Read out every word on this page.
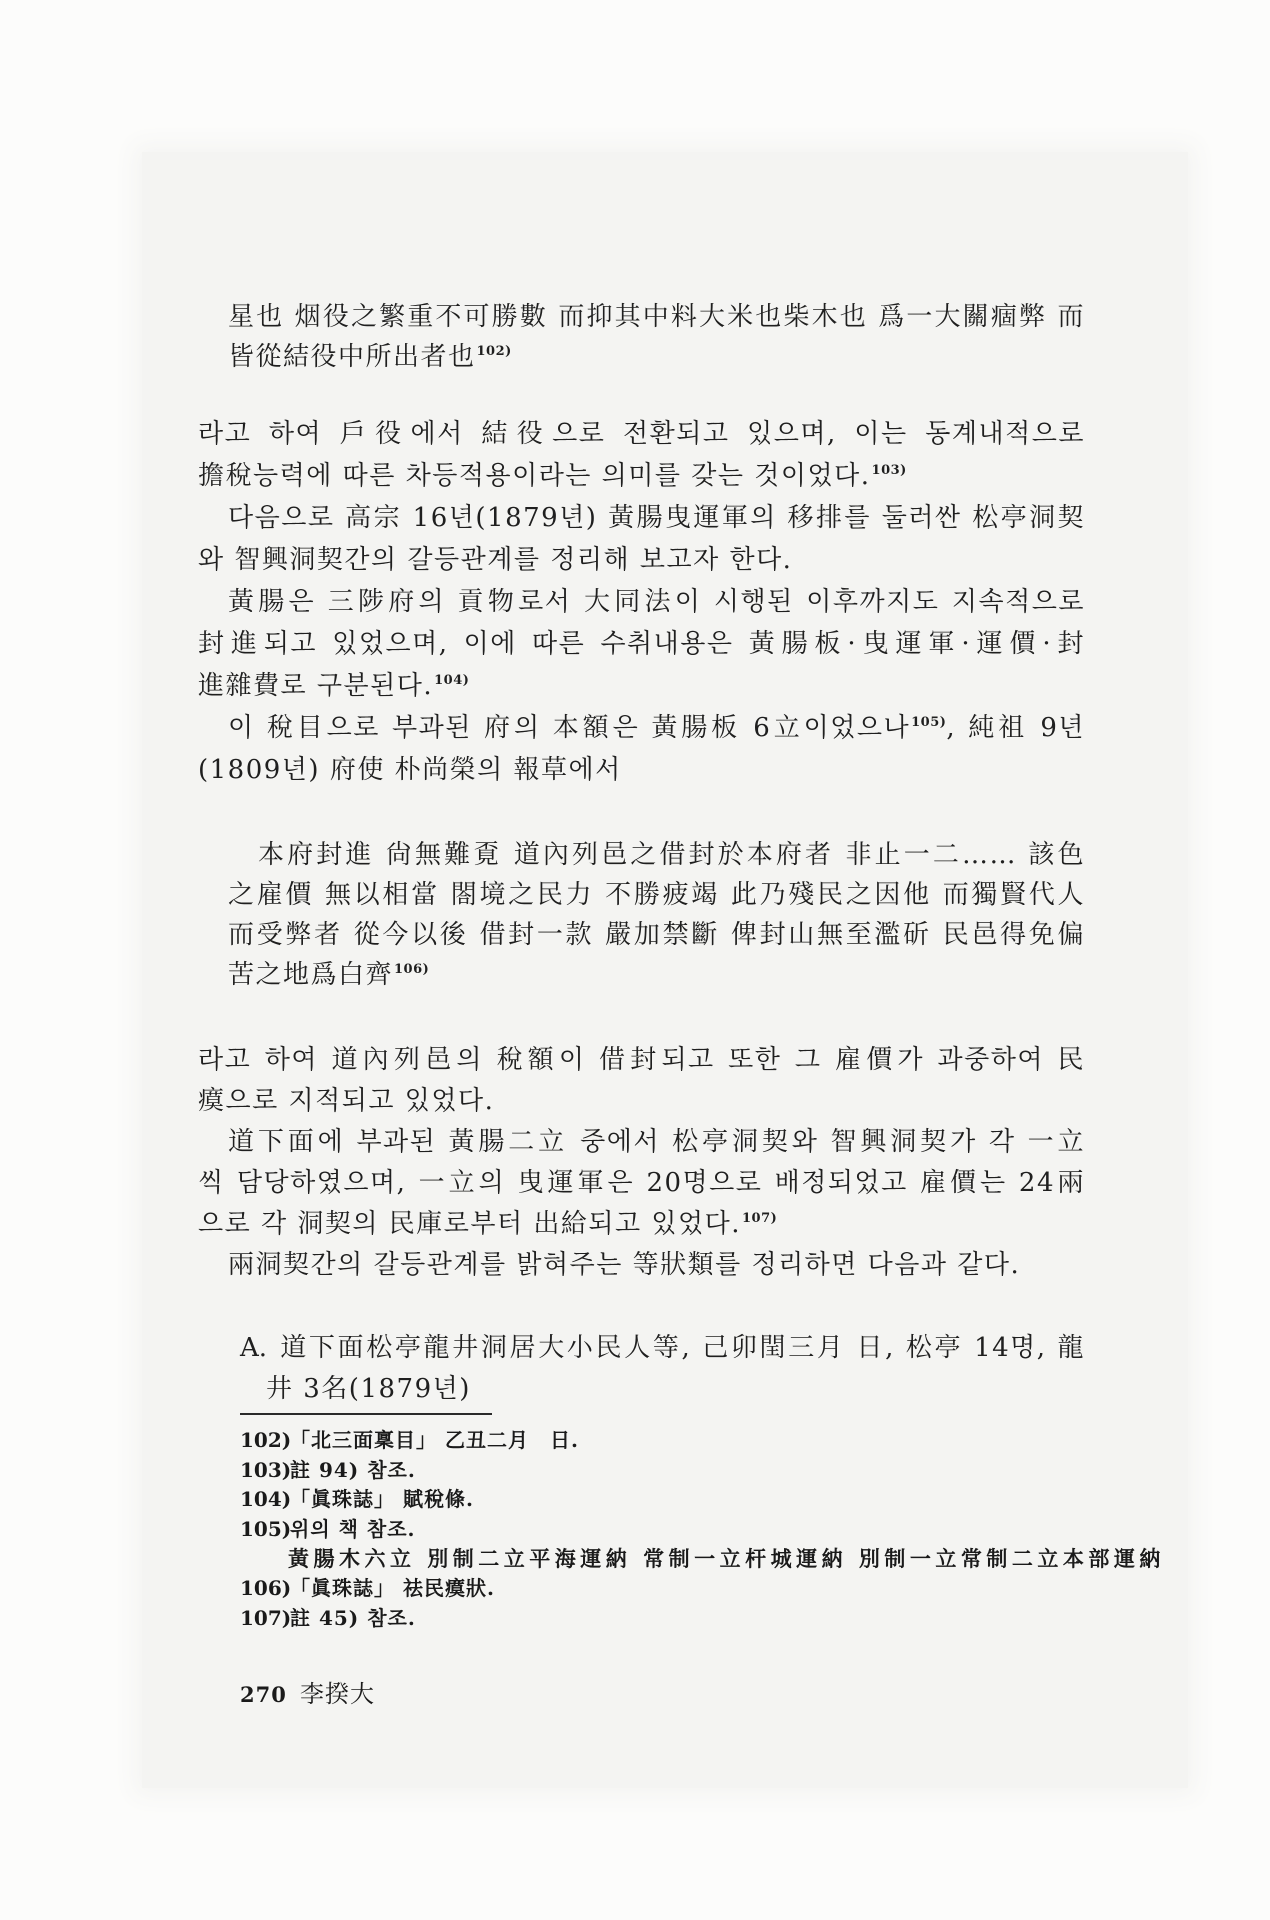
星也 烟役之繁重不可勝數 而抑其中料大米也柴木也 爲一大關痼弊 而
皆從結役中所出者也$^{102)}$
라고 하여 戶役에서 結役으로 전환되고 있으며, 이는 동계내적으로
擔稅능력에 따른 차등적용이라는 의미를 갖는 것이었다.$^{103)}$
다음으로 高宗 16년(1879년) 黃腸曳運軍의 移排를 둘러싼 松亭洞契
와 智興洞契간의 갈등관계를 정리해 보고자 한다.
黃腸은 三陟府의 貢物로서 大同法이 시행된 이후까지도 지속적으로
封進되고 있었으며, 이에 따른 수취내용은 黃腸板·曳運軍·運價·封
進雜費로 구분된다.$^{104)}$
이 稅目으로 부과된 府의 本額은 黃腸板 6立이었으나$^{105)}$, 純祖 9년
(1809년) 府使 朴尚榮의 報草에서
本府封進 尙無難覔 道內列邑之借封於本府者 非止一二…… 該色
之雇價 無以相當 閤境之民力 不勝疲竭 此乃殘民之因他 而獨賢代人
而受弊者 從今以後 借封一款 嚴加禁斷 俾封山無至濫斫 民邑得免偏
苦之地爲白齊$^{106)}$
라고 하여 道內列邑의 稅額이 借封되고 또한 그 雇價가 과중하여 民
瘼으로 지적되고 있었다.
道下面에 부과된 黃腸二立 중에서 松亭洞契와 智興洞契가 각 一立
씩 담당하였으며, 一立의 曳運軍은 20명으로 배정되었고 雇價는 24兩
으로 각 洞契의 民庫로부터 出給되고 있었다.$^{107)}$
兩洞契간의 갈등관계를 밝혀주는 等狀類를 정리하면 다음과 같다.
A. 道下面松亭龍井洞居大小民人等, 己卯閏三月 日, 松亭 14명, 龍
井 3名(1879년)
102)「北三面稟目」 乙丑二月　日.
103)註 94) 참조.
104)「眞珠誌」 賦稅條.
105)위의 책 참조.
黃腸木六立 別制二立平海運納 常制一立杆城運納 別制一立常制二立本部運納
106)「眞珠誌」 祛民瘼狀.
107)註 45) 참조.
270 李揆大
